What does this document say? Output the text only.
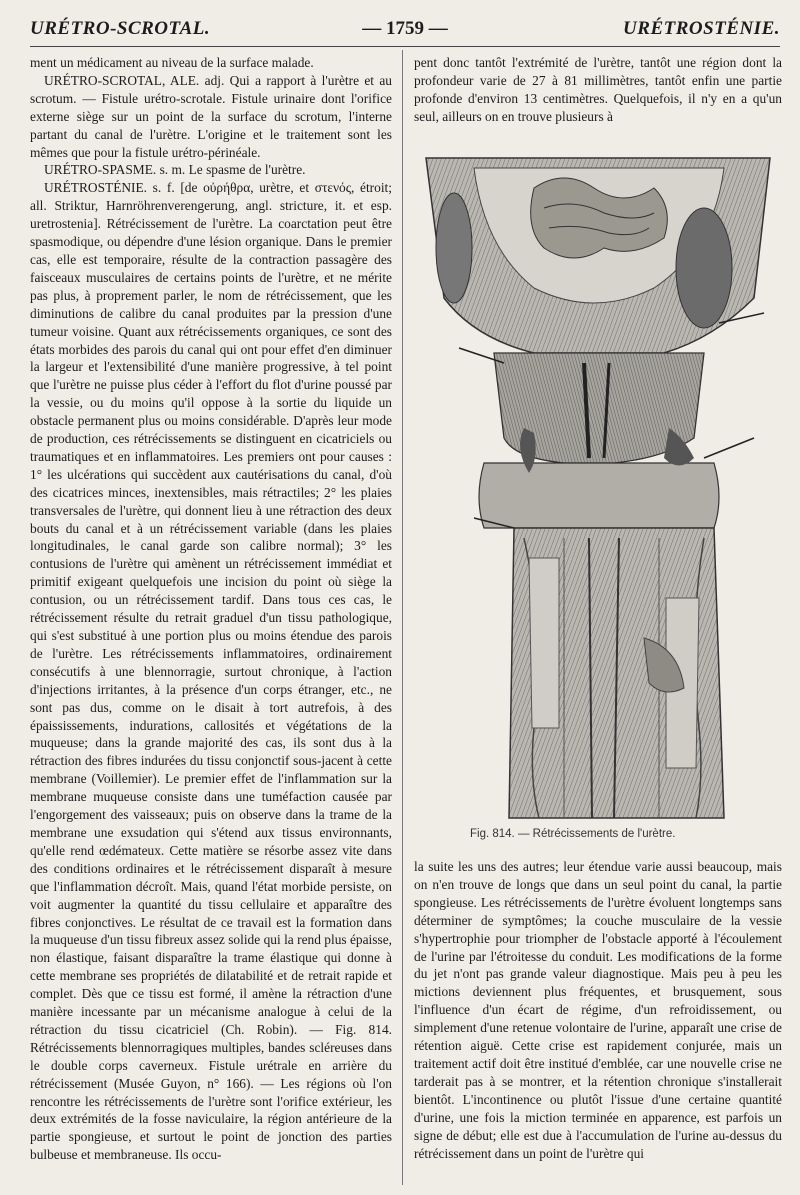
URÉTRO-SCROTAL.	— 1759 —	URÉTROSTÉNIE.

ment un médicament au niveau de la surface malade.

URÉTRO-SCROTAL, ALE. adj. Qui a rapport à l'urètre et au scrotum. — Fistule urétro-scrotale. Fistule urinaire dont l'orifice externe siège sur un point de la surface du scrotum, l'interne partant du canal de l'urètre. L'origine et le traitement sont les mêmes que pour la fistule urétro-périnéale.

URÉTRO-SPASME. s. m. Le spasme de l'urètre.

URÉTROSTÉNIE. s. f. [de οὐρήθρα, urètre, et στενός, étroit; all. Striktur, Harnröhrenverengerung, angl. stricture, it. et esp. uretrostenia]. Rétrécissement de l'urètre. La coarctation peut être spasmodique, ou dépendre d'une lésion organique. Dans le premier cas, elle est temporaire, résulte de la contraction passagère des faisceaux musculaires de certains points de l'urètre, et ne mérite pas plus, à proprement parler, le nom de rétrécissement, que les diminutions de calibre du canal produites par la pression d'une tumeur voisine. Quant aux rétrécissements organiques, ce sont des états morbides des parois du canal qui ont pour effet d'en diminuer la largeur et l'extensibilité d'une manière progressive, à tel point que l'urètre ne puisse plus céder à l'effort du flot d'urine poussé par la vessie, ou du moins qu'il oppose à la sortie du liquide un obstacle permanent plus ou moins considérable. D'après leur mode de production, ces rétrécissements se distinguent en cicatriciels ou traumatiques et en inflammatoires. Les premiers ont pour causes : 1° les ulcérations qui succèdent aux cautérisations du canal, d'où des cicatrices minces, inextensibles, mais rétractiles; 2° les plaies transversales de l'urètre, qui donnent lieu à une rétraction des deux bouts du canal et à un rétrécissement variable (dans les plaies longitudinales, le canal garde son calibre normal); 3° les contusions de l'urètre qui amènent un rétrécissement immédiat et primitif exigeant quelquefois une incision du point où siège la contusion, ou un rétrécissement tardif. Dans tous ces cas, le rétrécissement résulte du retrait graduel d'un tissu pathologique, qui s'est substitué à une portion plus ou moins étendue des parois de l'urètre. Les rétrécissements inflammatoires, ordinairement consécutifs à une blennorragie, surtout chronique, à l'action d'injections irritantes, à la présence d'un corps étranger, etc., ne sont pas dus, comme on le disait à tort autrefois, à des épaississements, indurations, callosités et végétations de la muqueuse; dans la grande majorité des cas, ils sont dus à la rétraction des fibres indurées du tissu conjonctif sous-jacent à cette membrane (Voillemier). Le premier effet de l'inflammation sur la membrane muqueuse consiste dans une tuméfaction causée par l'engorgement des vaisseaux; puis on observe dans la trame de la membrane une exsudation qui s'étend aux tissus environnants, qu'elle rend œdémateux. Cette matière se résorbe assez vite dans des conditions ordinaires et le rétrécissement disparaît à mesure que l'inflammation décroît. Mais, quand l'état morbide persiste, on voit augmenter la quantité du tissu cellulaire et apparaître des fibres conjonctives. Le résultat de ce travail est la formation dans la muqueuse d'un tissu fibreux assez solide qui la rend plus épaisse, non élastique, faisant disparaître la trame élastique qui donne à cette membrane ses propriétés de dilatabilité et de retrait rapide et complet. Dès que ce tissu est formé, il amène la rétraction d'une manière incessante par un mécanisme analogue à celui de la rétraction du tissu cicatriciel (Ch. Robin). — Fig. 814. Rétrécissements blennorragiques multiples, bandes scléreuses dans le double corps caverneux. Fistule urétrale en arrière du rétrécissement (Musée Guyon, n° 166). — Les régions où l'on rencontre les rétrécissements de l'urètre sont l'orifice extérieur, les deux extrémités de la fosse naviculaire, la région antérieure de la partie spongieuse, et surtout le point de jonction des parties bulbeuse et membraneuse. Ils occu-

pent donc tantôt l'extrémité de l'urètre, tantôt une région dont la profondeur varie de 27 à 81 millimètres, tantôt enfin une partie profonde d'environ 13 centimètres. Quelquefois, il n'y en a qu'un seul, ailleurs on en trouve plusieurs à

Fig. 814. — Rétrécissements de l'urètre.

la suite les uns des autres; leur étendue varie aussi beaucoup, mais on n'en trouve de longs que dans un seul point du canal, la partie spongieuse. Les rétrécissements de l'urètre évoluent longtemps sans déterminer de symptômes; la couche musculaire de la vessie s'hypertrophie pour triompher de l'obstacle apporté à l'écoulement de l'urine par l'étroitesse du conduit. Les modifications de la forme du jet n'ont pas grande valeur diagnostique. Mais peu à peu les mictions deviennent plus fréquentes, et brusquement, sous l'influence d'un écart de régime, d'un refroidissement, ou simplement d'une retenue volontaire de l'urine, apparaît une crise de rétention aiguë. Cette crise est rapidement conjurée, mais un traitement actif doit être institué d'emblée, car une nouvelle crise ne tarderait pas à se montrer, et la rétention chronique s'installerait bientôt. L'incontinence ou plutôt l'issue d'une certaine quantité d'urine, une fois la miction terminée en apparence, est parfois un signe de début; elle est due à l'accumulation de l'urine au-dessus du rétrécissement dans un point de l'urètre qui
